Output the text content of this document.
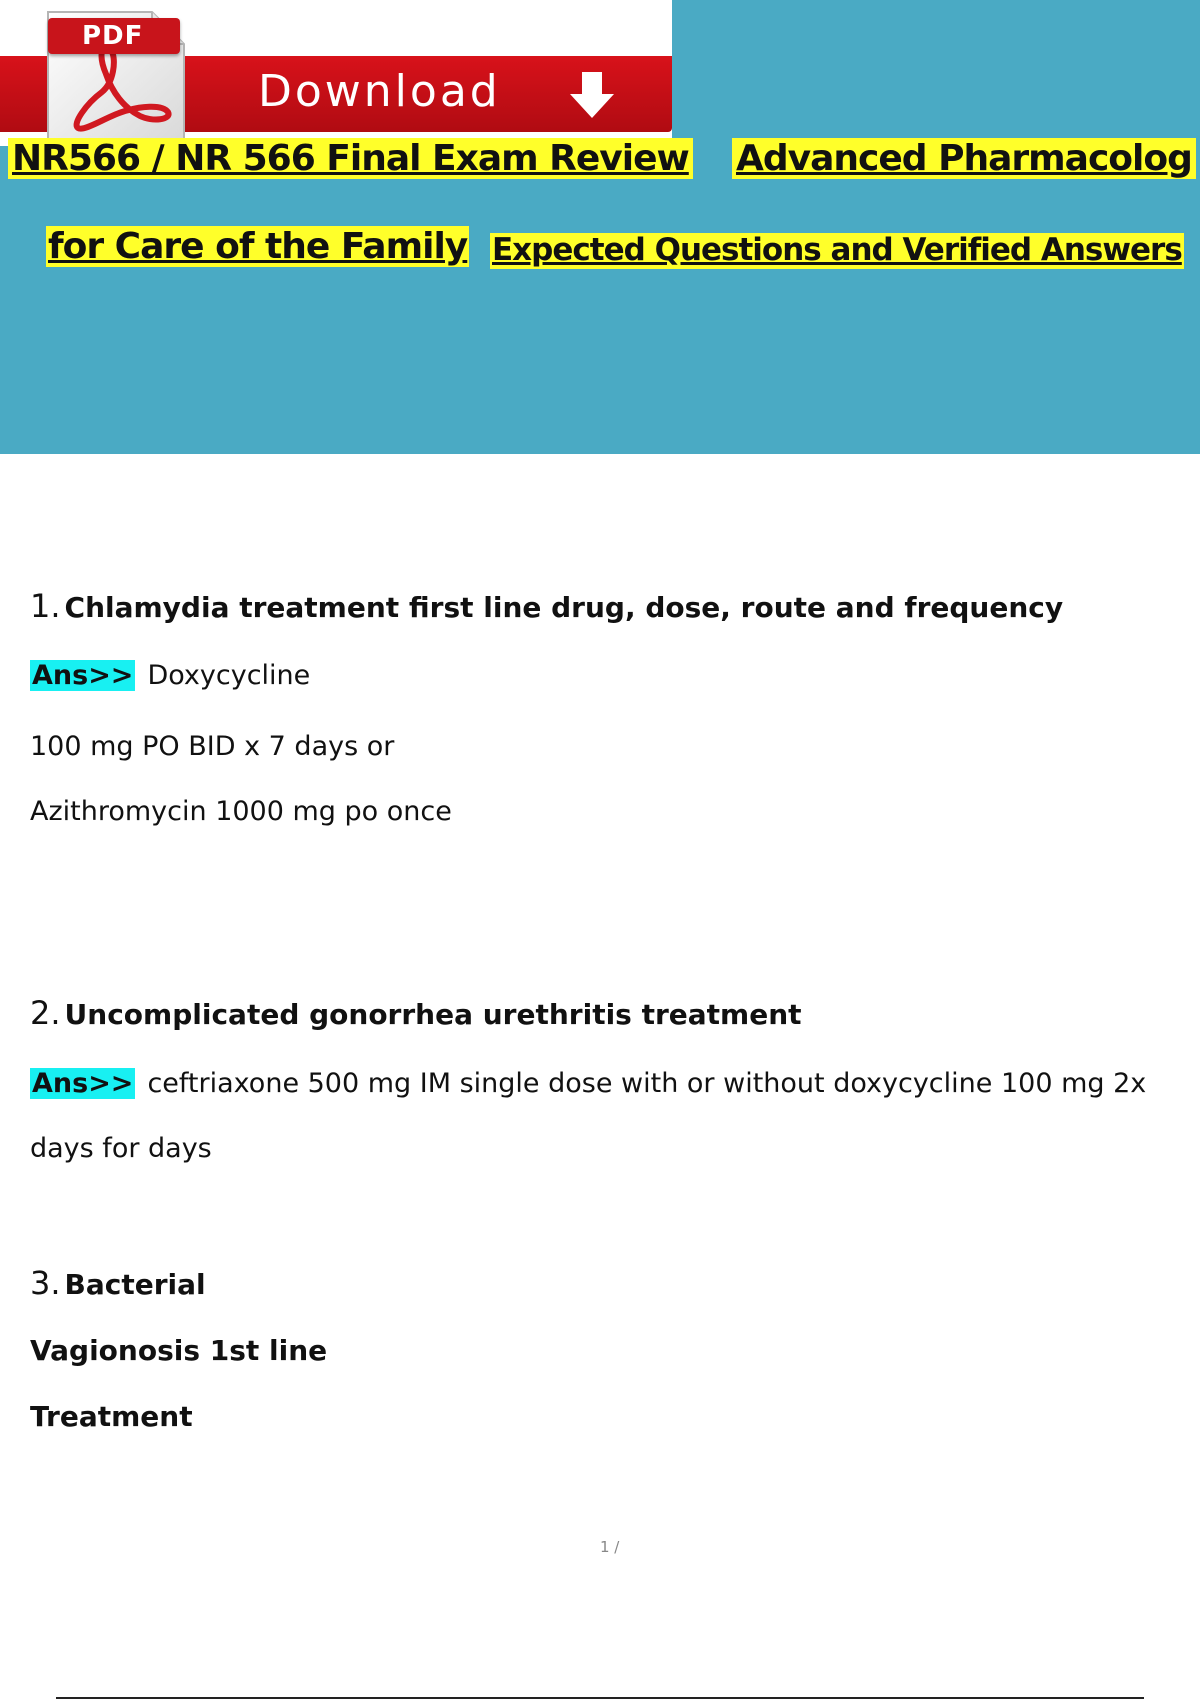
Download
PDF
NR566 / NR 566 Final Exam Review Advanced Pharmacolog
for Care of the Family Expected Questions and Verified Answers
1. Chlamydia treatment first line drug, dose, route and frequency
Ans>> Doxycycline
100 mg PO BID x 7 days or
Azithromycin 1000 mg po once
2. Uncomplicated gonorrhea urethritis treatment
Ans>> ceftriaxone 500 mg IM single dose with or without doxycycline 100 mg 2x
days for days
3. Bacterial
Vagionosis 1st line
Treatment
1 /
